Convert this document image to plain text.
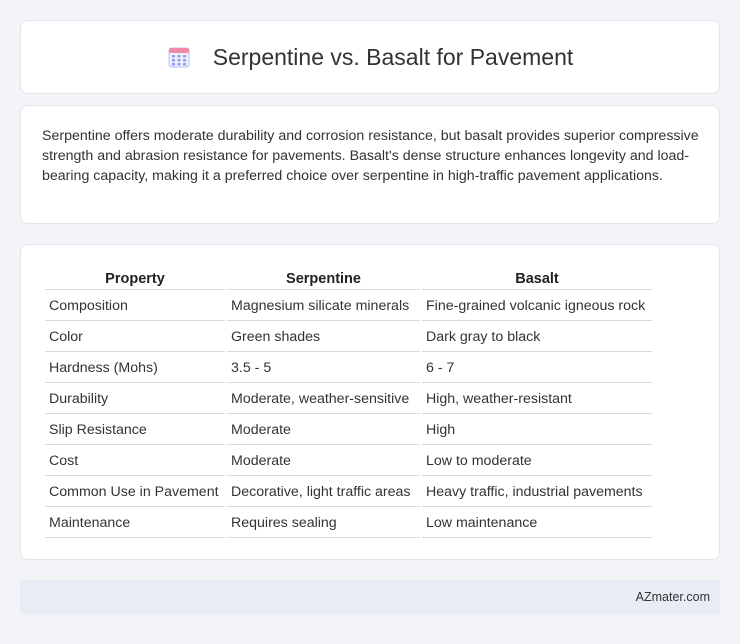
Serpentine vs. Basalt for Pavement

Serpentine offers moderate durability and corrosion resistance, but basalt provides superior compressive strength and abrasion resistance for pavements. Basalt's dense structure enhances longevity and load-bearing capacity, making it a preferred choice over serpentine in high-traffic pavement applications.

Property	Serpentine	Basalt
Composition	Magnesium silicate minerals	Fine-grained volcanic igneous rock
Color	Green shades	Dark gray to black
Hardness (Mohs)	3.5 - 5	6 - 7
Durability	Moderate, weather-sensitive	High, weather-resistant
Slip Resistance	Moderate	High
Cost	Moderate	Low to moderate
Common Use in Pavement	Decorative, light traffic areas	Heavy traffic, industrial pavements
Maintenance	Requires sealing	Low maintenance
AZmater.com
